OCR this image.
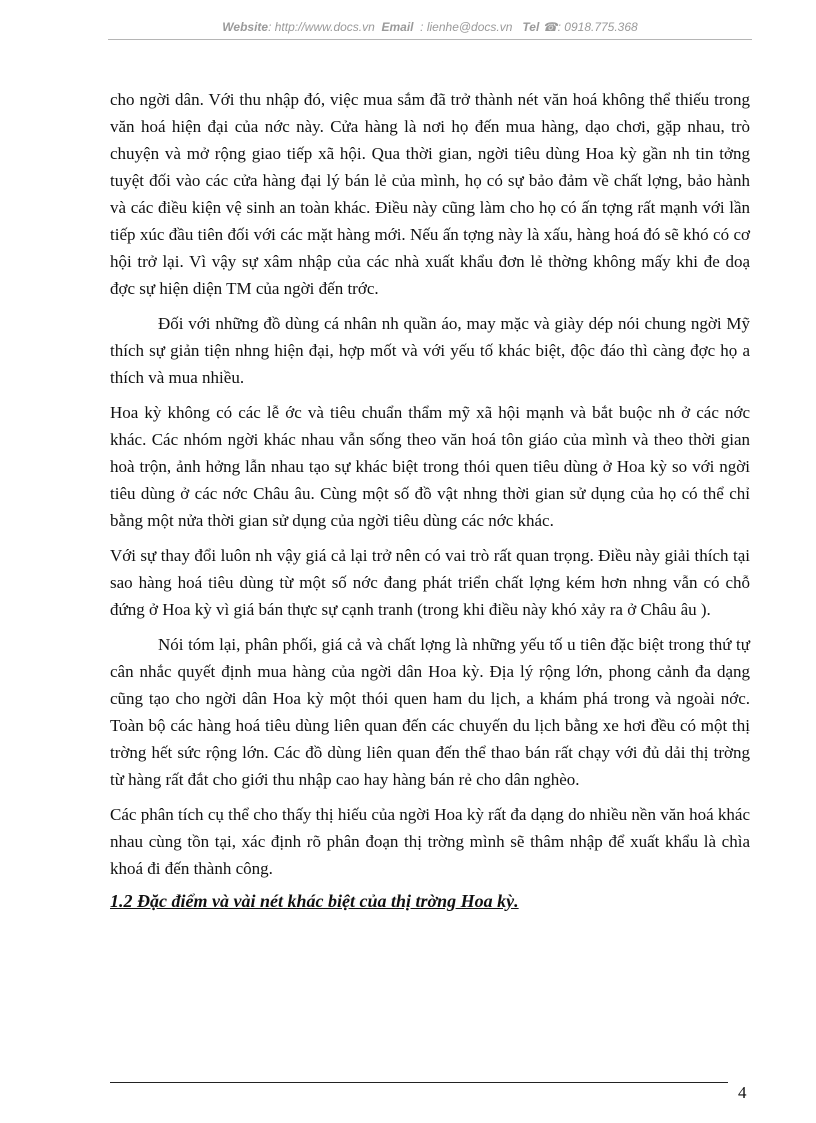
Website: http://www.docs.vn Email : lienhe@docs.vn Tel ☎: 0918.775.368

cho ngời dân. Với thu nhập đó, việc mua sắm đã trở thành nét văn hoá không thể thiếu trong văn hoá hiện đại của nớc này. Cửa hàng là nơi họ đến mua hàng, dạo chơi, gặp nhau, trò chuyện và mở rộng giao tiếp xã hội. Qua thời gian, ngời tiêu dùng Hoa kỳ gần nh tin tởng tuyệt đối vào các cửa hàng đại lý bán lẻ của mình, họ có sự bảo đảm về chất lợng, bảo hành và các điều kiện vệ sinh an toàn khác. Điều này cũng làm cho họ có ấn tợng rất mạnh với lần tiếp xúc đầu tiên đối với các mặt hàng mới. Nếu ấn tợng này là xấu, hàng hoá đó sẽ khó có cơ hội trở lại. Vì vậy sự xâm nhập của các nhà xuất khẩu đơn lẻ thờng không mấy khi đe doạ đợc sự hiện diện TM của ngời đến trớc.

Đối với những đồ dùng cá nhân nh quần áo, may mặc và giày dép nói chung ngời Mỹ thích sự giản tiện nhng hiện đại, hợp mốt và với yếu tố khác biệt, độc đáo thì càng đợc họ a thích và mua nhiều.

Hoa kỳ không có các lễ ớc và tiêu chuẩn thẩm mỹ xã hội mạnh và bắt buộc nh ở các nớc khác. Các nhóm ngời khác nhau vẫn sống theo văn hoá tôn giáo của mình và theo thời gian hoà trộn, ảnh hởng lẫn nhau tạo sự khác biệt trong thói quen tiêu dùng ở Hoa kỳ so với ngời tiêu dùng ở các nớc Châu âu. Cùng một số đồ vật nhng thời gian sử dụng của họ có thể chỉ bằng một nửa thời gian sử dụng của ngời tiêu dùng các nớc khác.

Với sự thay đổi luôn nh vậy giá cả lại trở nên có vai trò rất quan trọng. Điều này giải thích tại sao hàng hoá tiêu dùng từ một số nớc đang phát triển chất lợng kém hơn nhng vẫn có chỗ đứng ở Hoa kỳ vì giá bán thực sự cạnh tranh (trong khi điều này khó xảy ra ở Châu âu ).

Nói tóm lại, phân phối, giá cả và chất lợng là những yếu tố u tiên đặc biệt trong thứ tự cân nhắc quyết định mua hàng của ngời dân Hoa kỳ. Địa lý rộng lớn, phong cảnh đa dạng cũng tạo cho ngời dân Hoa kỳ một thói quen ham du lịch, a khám phá trong và ngoài nớc. Toàn bộ các hàng hoá tiêu dùng liên quan đến các chuyến du lịch bằng xe hơi đều có một thị trờng hết sức rộng lớn. Các đồ dùng liên quan đến thể thao bán rất chạy với đủ dải thị trờng từ hàng rất đắt cho giới thu nhập cao hay hàng bán rẻ cho dân nghèo.

Các phân tích cụ thể cho thấy thị hiếu của ngời Hoa kỳ rất đa dạng do nhiều nền văn hoá khác nhau cùng tồn tại, xác định rõ phân đoạn thị trờng mình sẽ thâm nhập để xuất khẩu là chìa khoá đi đến thành công.

1.2 Đặc điểm và vài nét khác biệt của thị trờng Hoa kỳ.
4
